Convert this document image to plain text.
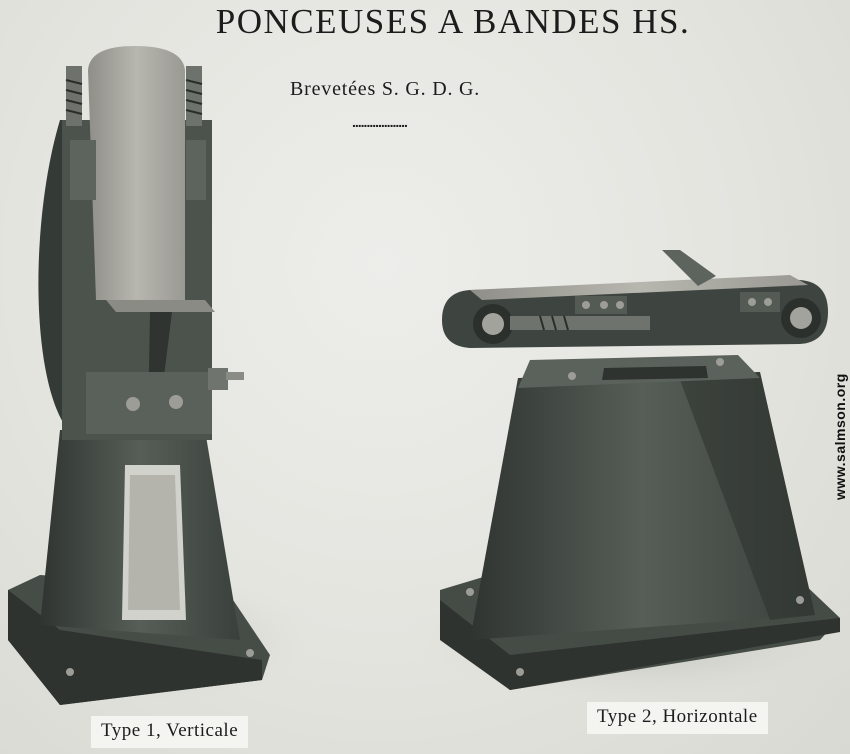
PONCEUSES A BANDES HS.
Brevetées S. G. D. G.
...................
Type 1, Verticale
Type 2, Horizontale
www.salmson.org
